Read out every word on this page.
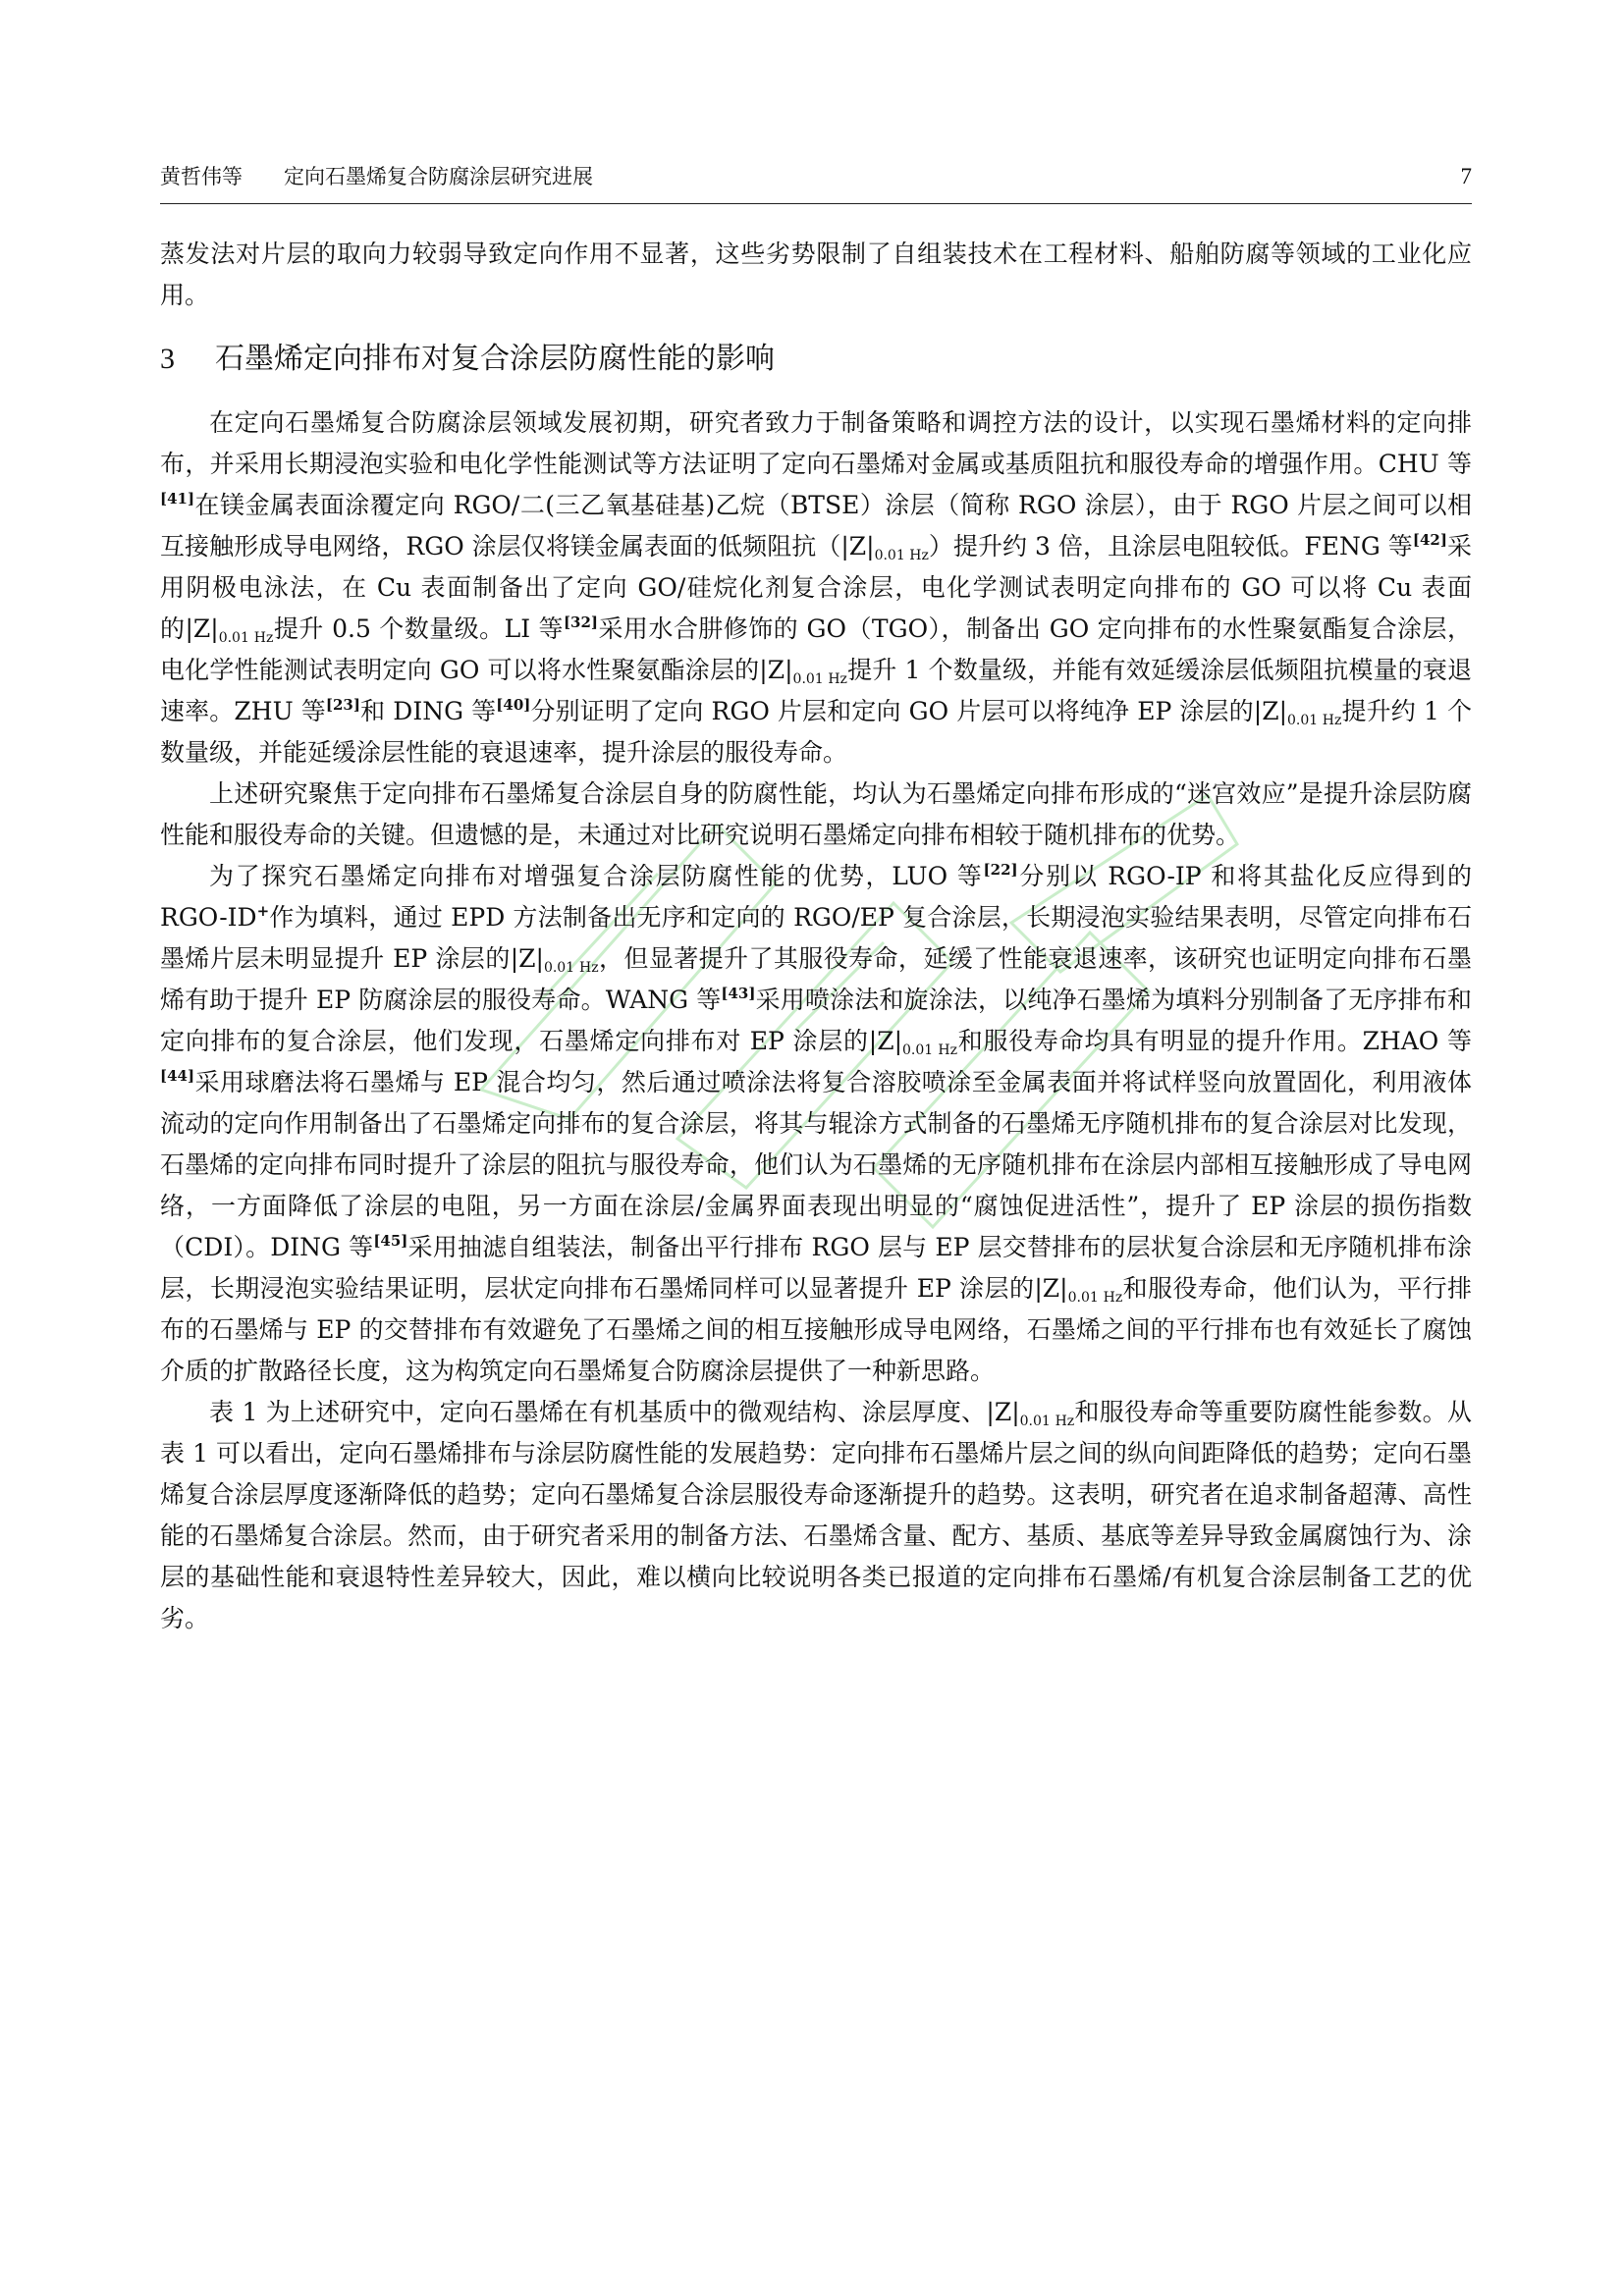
黄哲伟等 定向石墨烯复合防腐涂层研究进展	7

蒸发法对片层的取向力较弱导致定向作用不显著，这些劣势限制了自组装技术在工程材料、船舶防腐等领域的工业化应用。

3 石墨烯定向排布对复合涂层防腐性能的影响

在定向石墨烯复合防腐涂层领域发展初期，研究者致力于制备策略和调控方法的设计，以实现石墨烯材料的定向排布，并采用长期浸泡实验和电化学性能测试等方法证明了定向石墨烯对金属或基质阻抗和服役寿命的增强作用。CHU 等[41]在镁金属表面涂覆定向 RGO/二(三乙氧基硅基)乙烷（BTSE）涂层（简称 RGO 涂层），由于 RGO 片层之间可以相互接触形成导电网络，RGO 涂层仅将镁金属表面的低频阻抗$(|Z|_{0.01 Hz})$提升约 3 倍，且涂层电阻较低。FENG 等[42]采用阴极电泳法，在 Cu 表面制备出了定向 GO/硅烷化剂复合涂层，电化学测试表明定向排布的 GO 可以将 Cu 表面的$|Z|_{0.01 Hz}$提升 0.5 个数量级。LI 等[32]采用水合肼修饰的 GO（TGO），制备出 GO 定向排布的水性聚氨酯复合涂层，电化学性能测试表明定向 GO 可以将水性聚氨酯涂层的$|Z|_{0.01 Hz}$提升 1 个数量级，并能有效延缓涂层低频阻抗模量的衰退速率。ZHU 等[23]和 DING 等[40]分别证明了定向 RGO 片层和定向 GO 片层可以将纯净 EP 涂层的$|Z|_{0.01 Hz}$提升约 1 个数量级，并能延缓涂层性能的衰退速率，提升涂层的服役寿命。

上述研究聚焦于定向排布石墨烯复合涂层自身的防腐性能，均认为石墨烯定向排布形成的“迷宫效应”是提升涂层防腐性能和服役寿命的关键。但遗憾的是，未通过对比研究说明石墨烯定向排布相较于随机排布的优势。

为了探究石墨烯定向排布对增强复合涂层防腐性能的优势，LUO 等[22]分别以 RGO-IP 和将其盐化反应得到的 RGO-ID+作为填料，通过 EPD 方法制备出无序和定向的 RGO/EP 复合涂层，长期浸泡实验结果表明，尽管定向排布石墨烯片层未明显提升 EP 涂层的$|Z|_{0.01 Hz}$，但显著提升了其服役寿命，延缓了性能衰退速率，该研究也证明定向排布石墨烯有助于提升 EP 防腐涂层的服役寿命。WANG 等[43]采用喷涂法和旋涂法，以纯净石墨烯为填料分别制备了无序排布和定向排布的复合涂层，他们发现，石墨烯定向排布对 EP 涂层的$|Z|_{0.01 Hz}$和服役寿命均具有明显的提升作用。ZHAO 等[44]采用球磨法将石墨烯与 EP 混合均匀，然后通过喷涂法将复合溶胶喷涂至金属表面并将试样竖向放置固化，利用液体流动的定向作用制备出了石墨烯定向排布的复合涂层，将其与辊涂方式制备的石墨烯无序随机排布的复合涂层对比发现，石墨烯的定向排布同时提升了涂层的阻抗与服役寿命，他们认为石墨烯的无序随机排布在涂层内部相互接触形成了导电网络，一方面降低了涂层的电阻，另一方面在涂层/金属界面表现出明显的“腐蚀促进活性”，提升了 EP 涂层的损伤指数（CDI）。DING 等[45]采用抽滤自组装法，制备出平行排布 RGO 层与 EP 层交替排布的层状复合涂层和无序随机排布涂层，长期浸泡实验结果证明，层状定向排布石墨烯同样可以显著提升 EP 涂层的$|Z|_{0.01 Hz}$和服役寿命，他们认为，平行排布的石墨烯与 EP 的交替排布有效避免了石墨烯之间的相互接触形成导电网络，石墨烯之间的平行排布也有效延长了腐蚀介质的扩散路径长度，这为构筑定向石墨烯复合防腐涂层提供了一种新思路。

表 1 为上述研究中，定向石墨烯在有机基质中的微观结构、涂层厚度、$|Z|_{0.01 Hz}$和服役寿命等重要防腐性能参数。从表 1 可以看出，定向石墨烯排布与涂层防腐性能的发展趋势：定向排布石墨烯片层之间的纵向间距降低的趋势；定向石墨烯复合涂层厚度逐渐降低的趋势；定向石墨烯复合涂层服役寿命逐渐提升的趋势。这表明，研究者在追求制备超薄、高性能的石墨烯复合涂层。然而，由于研究者采用的制备方法、石墨烯含量、配方、基质、基底等差异导致金属腐蚀行为、涂层的基础性能和衰退特性差异较大，因此，难以横向比较说明各类已报道的定向排布石墨烯/有机复合涂层制备工艺的优劣。
